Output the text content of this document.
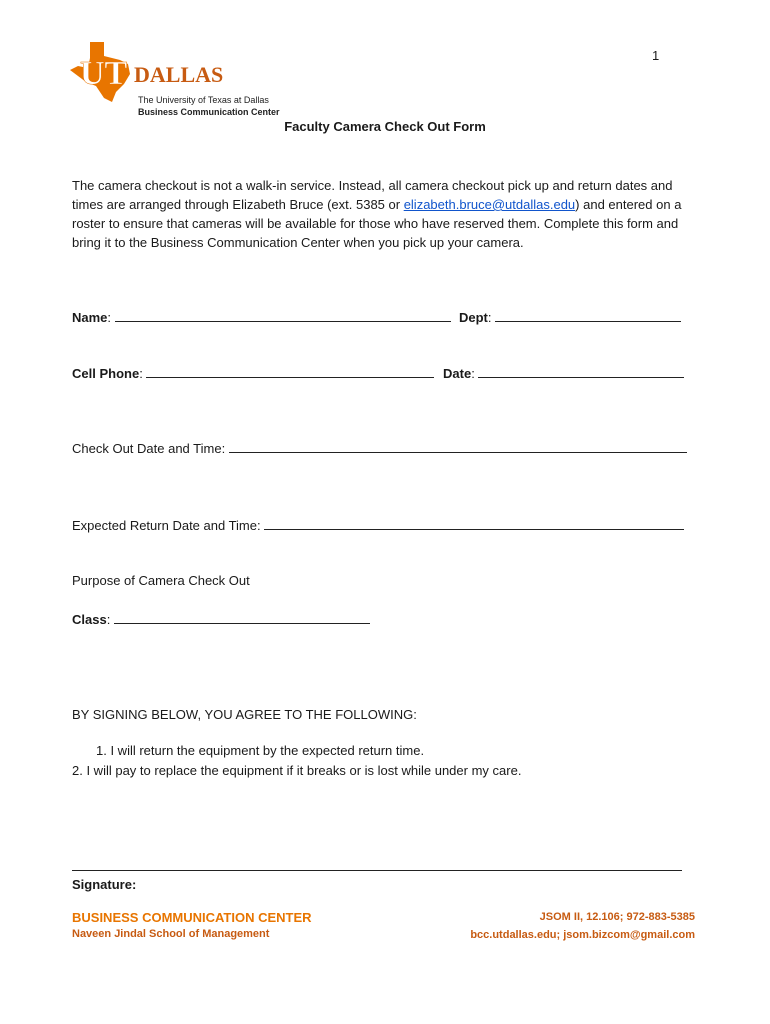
1
UT DALLAS
The University of Texas at Dallas
Business Communication Center
Faculty Camera Check Out Form
The camera checkout is not a walk-in service. Instead, all camera checkout pick up and return dates and times are arranged through Elizabeth Bruce (ext. 5385 or elizabeth.bruce@utdallas.edu) and entered on a roster to ensure that cameras will be available for those who have reserved them. Complete this form and bring it to the Business Communication Center when you pick up your camera.
Name:	Dept:
Cell Phone:	Date:
Check Out Date and Time:
Expected Return Date and Time:
Purpose of Camera Check Out
Class:
BY SIGNING BELOW, YOU AGREE TO THE FOLLOWING:
1. I will return the equipment by the expected return time.
2. I will pay to replace the equipment if it breaks or is lost while under my care.
Signature:
BUSINESS COMMUNICATION CENTER
Naveen Jindal School of Management
JSOM II, 12.106; 972-883-5385
bcc.utdallas.edu; jsom.bizcom@gmail.com
